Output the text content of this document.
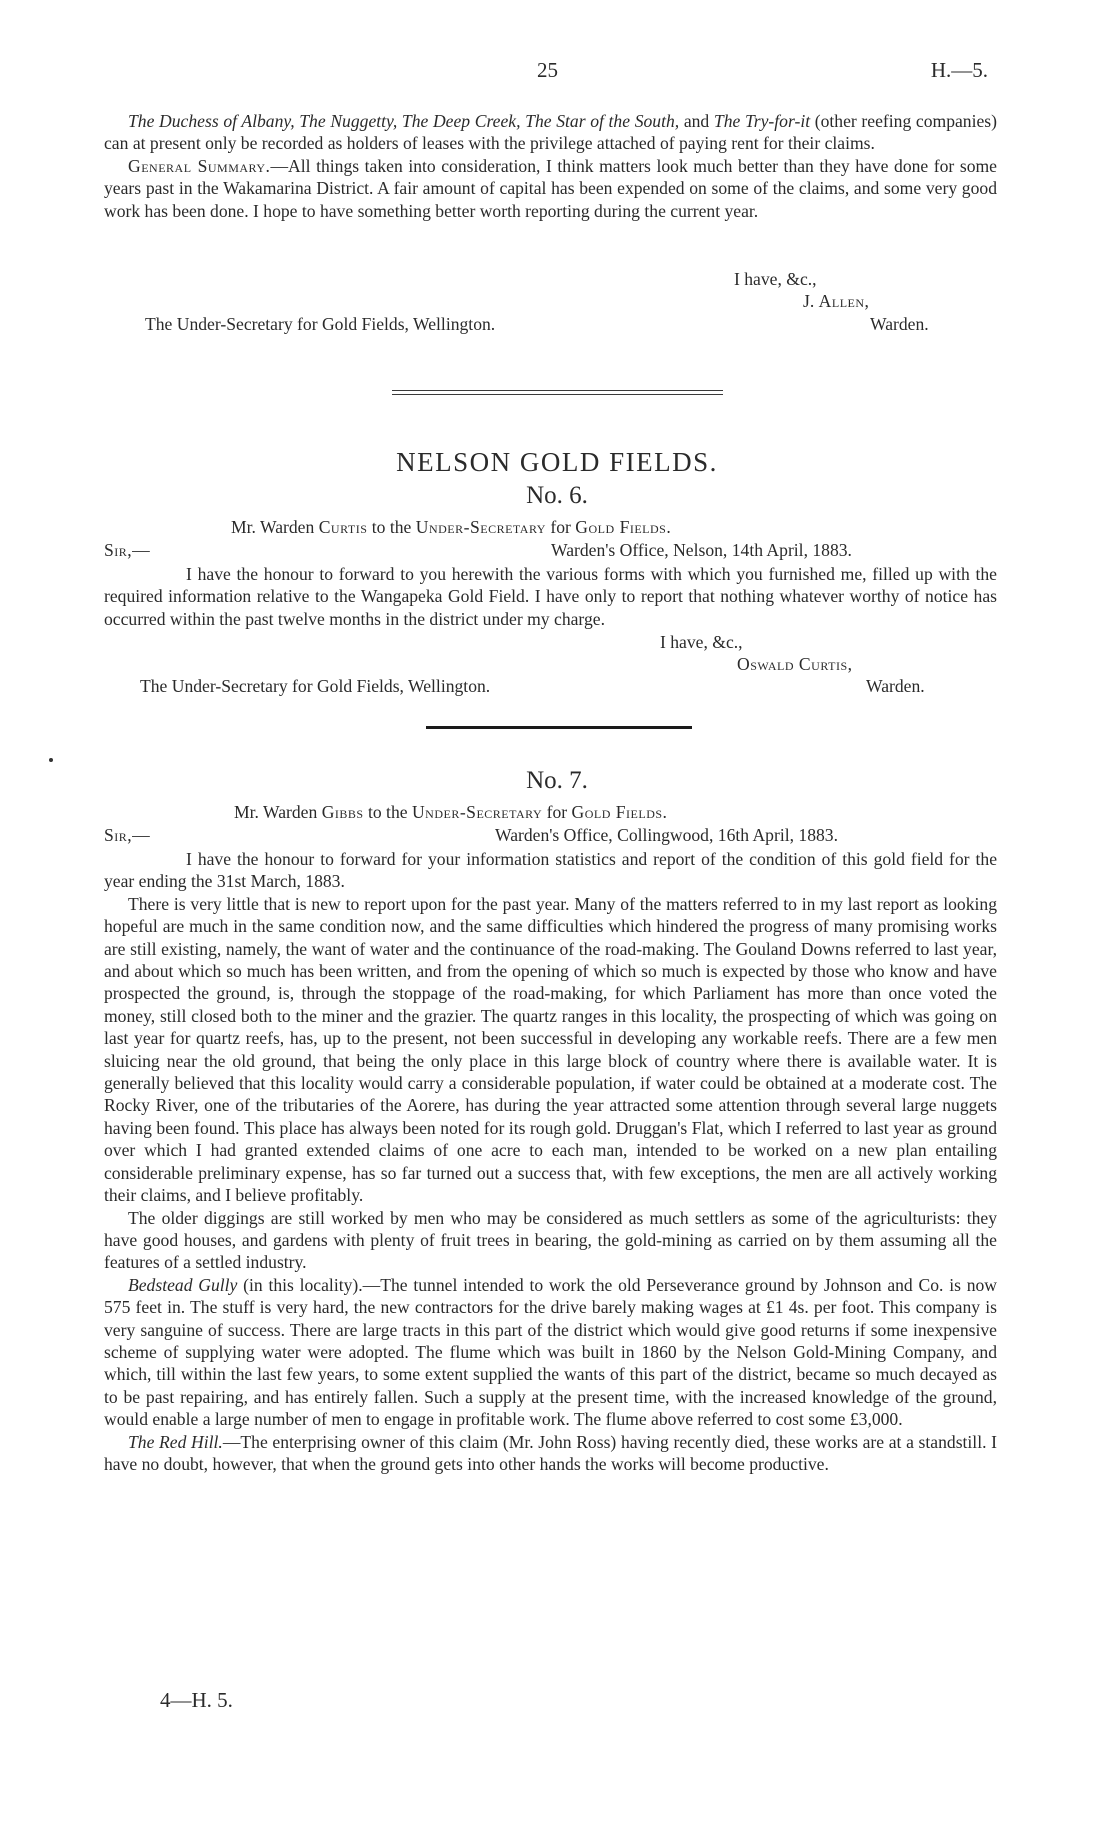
25	H.—5.

The Duchess of Albany, The Nuggetty, The Deep Creek, The Star of the South, and The Try-for-it (other reefing companies) can at present only be recorded as holders of leases with the privilege attached of paying rent for their claims.

General Summary.—All things taken into consideration, I think matters look much better than they have done for some years past in the Wakamarina District. A fair amount of capital has been expended on some of the claims, and some very good work has been done. I hope to have something better worth reporting during the current year.

I have, &c.,
J. Allen,
The Under-Secretary for Gold Fields, Wellington.	Warden.
NELSON GOLD FIELDS.
No. 6.
Mr. Warden Curtis to the Under-Secretary for Gold Fields.
Sir,—	Warden's Office, Nelson, 14th April, 1883.

I have the honour to forward to you herewith the various forms with which you furnished me, filled up with the required information relative to the Wangapeka Gold Field. I have only to report that nothing whatever worthy of notice has occurred within the past twelve months in the district under my charge.

I have, &c.,
Oswald Curtis,
The Under-Secretary for Gold Fields, Wellington.	Warden.
No. 7.
Mr. Warden Gibbs to the Under-Secretary for Gold Fields.
Sir,—	Warden's Office, Collingwood, 16th April, 1883.

I have the honour to forward for your information statistics and report of the condition of this gold field for the year ending the 31st March, 1883.

There is very little that is new to report upon for the past year. Many of the matters referred to in my last report as looking hopeful are much in the same condition now, and the same difficulties which hindered the progress of many promising works are still existing, namely, the want of water and the continuance of the road-making. The Gouland Downs referred to last year, and about which so much has been written, and from the opening of which so much is expected by those who know and have prospected the ground, is, through the stoppage of the road-making, for which Parliament has more than once voted the money, still closed both to the miner and the grazier. The quartz ranges in this locality, the prospecting of which was going on last year for quartz reefs, has, up to the present, not been successful in developing any workable reefs. There are a few men sluicing near the old ground, that being the only place in this large block of country where there is available water. It is generally believed that this locality would carry a considerable population, if water could be obtained at a moderate cost. The Rocky River, one of the tributaries of the Aorere, has during the year attracted some attention through several large nuggets having been found. This place has always been noted for its rough gold. Druggan's Flat, which I referred to last year as ground over which I had granted extended claims of one acre to each man, intended to be worked on a new plan entailing considerable preliminary expense, has so far turned out a success that, with few exceptions, the men are all actively working their claims, and I believe profitably.

The older diggings are still worked by men who may be considered as much settlers as some of the agriculturists: they have good houses, and gardens with plenty of fruit trees in bearing, the gold-mining as carried on by them assuming all the features of a settled industry.

Bedstead Gully (in this locality).—The tunnel intended to work the old Perseverance ground by Johnson and Co. is now 575 feet in. The stuff is very hard, the new contractors for the drive barely making wages at £1 4s. per foot. This company is very sanguine of success. There are large tracts in this part of the district which would give good returns if some inexpensive scheme of supplying water were adopted. The flume which was built in 1860 by the Nelson Gold-Mining Company, and which, till within the last few years, to some extent supplied the wants of this part of the district, became so much decayed as to be past repairing, and has entirely fallen. Such a supply at the present time, with the increased knowledge of the ground, would enable a large number of men to engage in profitable work. The flume above referred to cost some £3,000.

The Red Hill.—The enterprising owner of this claim (Mr. John Ross) having recently died, these works are at a standstill. I have no doubt, however, that when the ground gets into other hands the works will become productive.

4—H. 5.
